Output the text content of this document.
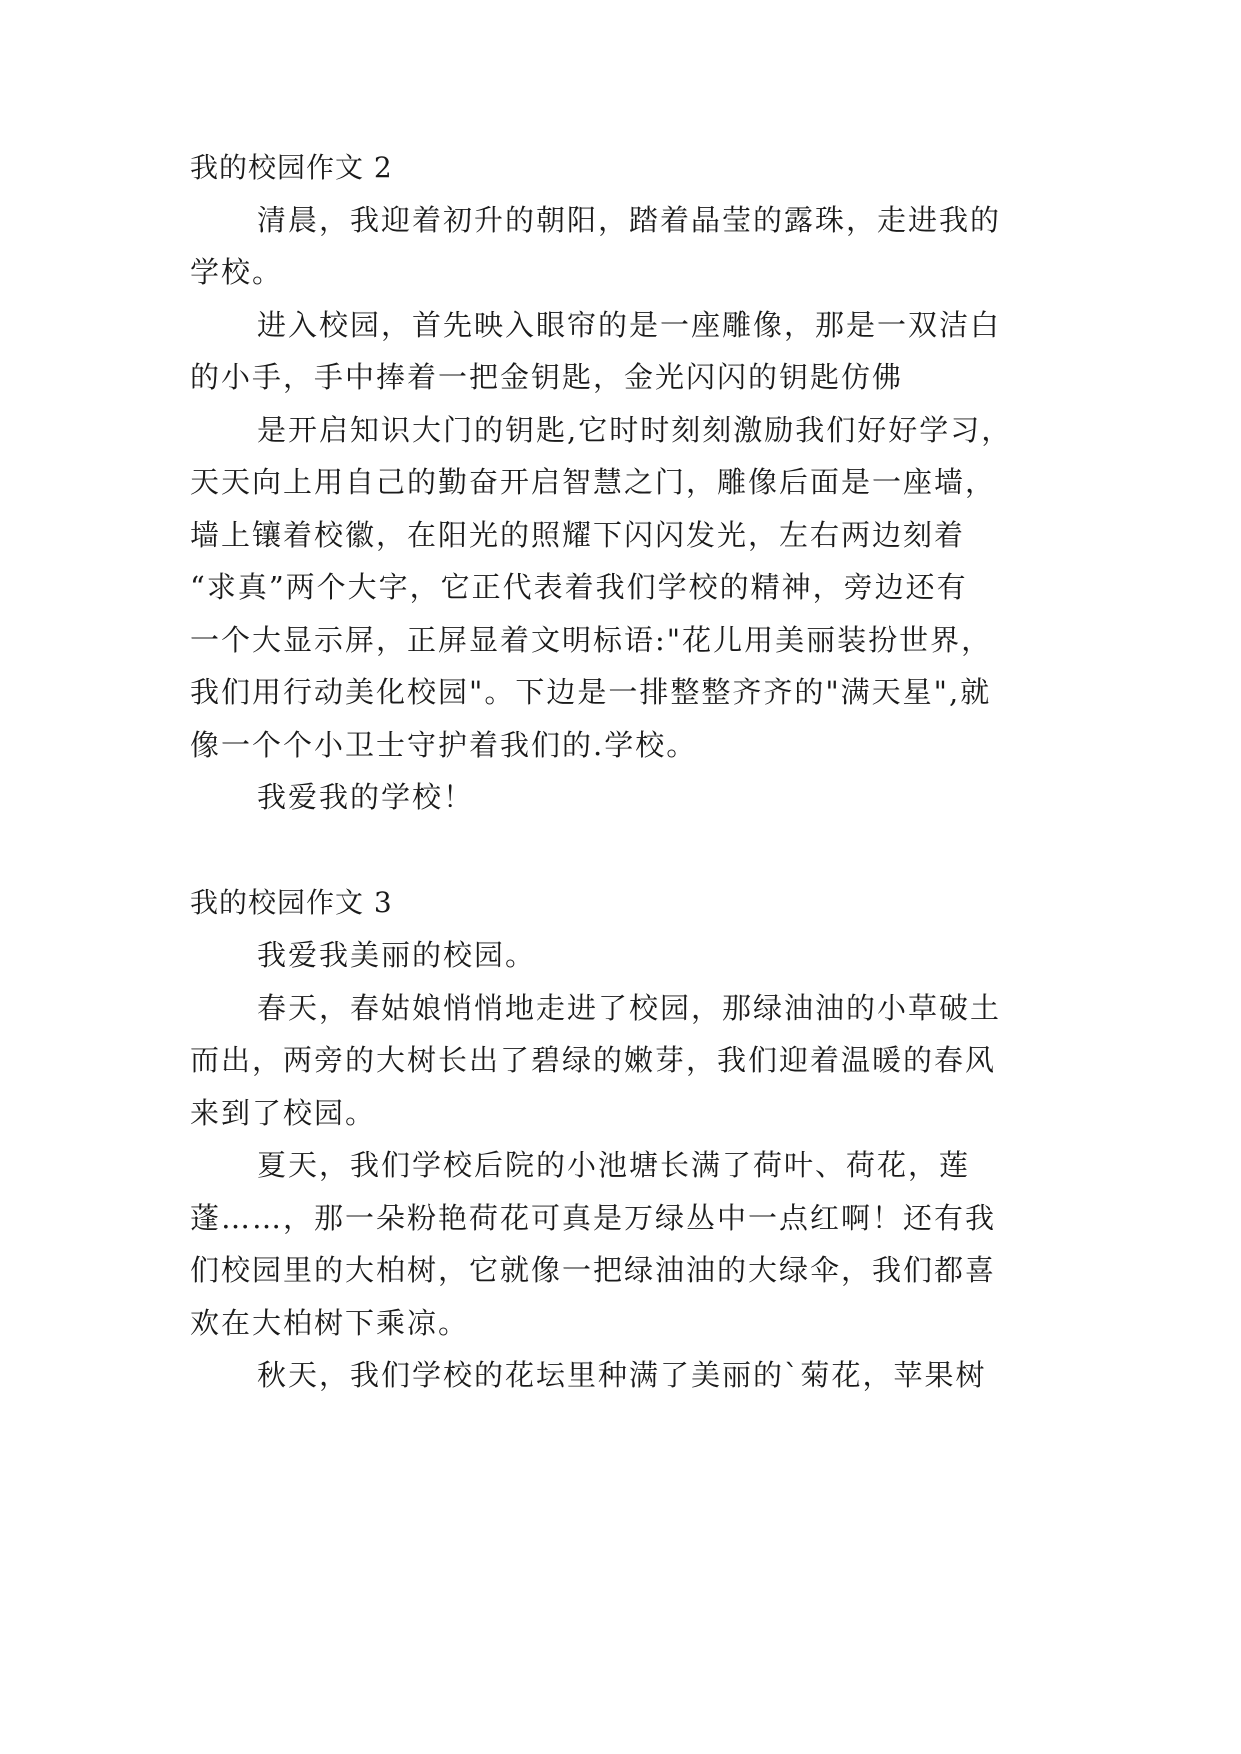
我的校园作文 2
清晨，我迎着初升的朝阳，踏着晶莹的露珠，走进我的
学校。
进入校园，首先映入眼帘的是一座雕像，那是一双洁白
的小手，手中捧着一把金钥匙，金光闪闪的钥匙仿佛
是开启知识大门的钥匙,它时时刻刻激励我们好好学习，
天天向上用自己的勤奋开启智慧之门，雕像后面是一座墙，
墙上镶着校徽，在阳光的照耀下闪闪发光，左右两边刻着
“求真”两个大字，它正代表着我们学校的精神，旁边还有
一个大显示屏，正屏显着文明标语:"花儿用美丽装扮世界，
我们用行动美化校园"。下边是一排整整齐齐的"满天星",就
像一个个小卫士守护着我们的.学校。
我爱我的学校！
我的校园作文 3
我爱我美丽的校园。
春天，春姑娘悄悄地走进了校园，那绿油油的小草破土
而出，两旁的大树长出了碧绿的嫩芽，我们迎着温暖的春风
来到了校园。
夏天，我们学校后院的小池塘长满了荷叶、荷花，莲
蓬……，那一朵粉艳荷花可真是万绿丛中一点红啊！还有我
们校园里的大柏树，它就像一把绿油油的大绿伞，我们都喜
欢在大柏树下乘凉。
秋天，我们学校的花坛里种满了美丽的`菊花，苹果树
